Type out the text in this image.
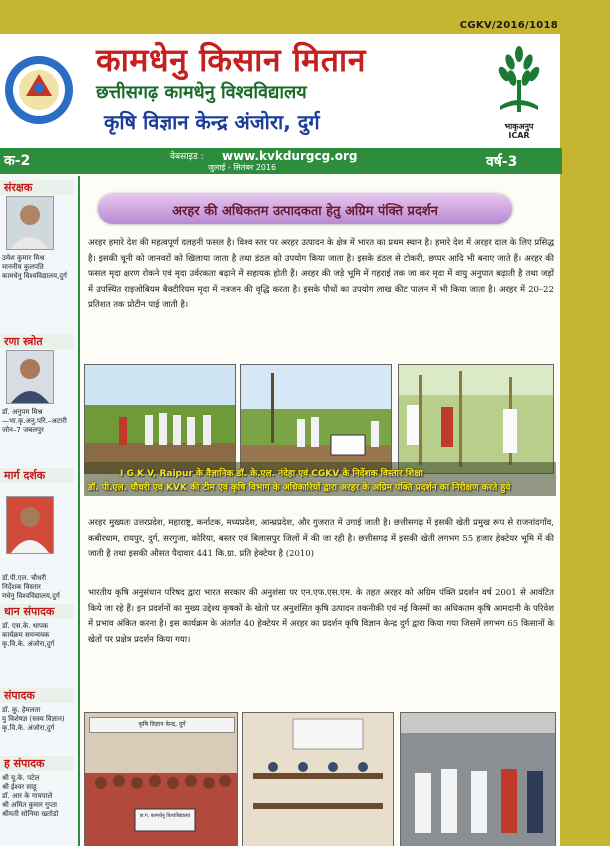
CGKV/2016/1018
कामधेनु किसान मितान
छत्तीसगढ़ कामधेनु विश्वविद्यालय
कृषि विज्ञान केन्द्र अंजोरा, दुर्ग	भाकृअनुप
ICAR
क-2	वेबसाइड : www.kvkdurgcg.org
जुलाई - सितंबर 2016	वर्ष-3
संरक्षक
उमेश कुमार मिश्र
माननीय कुलपति
कामधेनु विश्वविद्यालय,दुर्ग
रणा स्त्रोत
डॉ. अनुपम मिश्र
—भा.कृ.अनु.परि.–अटारी
जोन–7 जबलपुर
मार्ग दर्शक
डॉ.पी.एल. चौधरी
निर्देशक विस्तार
मधेनु विश्वविद्यालय,दुर्ग
धान संपादक
डॉ. एस.के. थापक
कार्यक्रम समन्वयक
कृ.वि.के. अंजोरा,दुर्ग
संपादक
डॉ. कु. हेमलता
यु विशेषज्ञ (सस्य विज्ञान)
कृ.वि.के. अंजोरा,दुर्ग
ह संपादक
श्री यू.के. पटेल
श्री ईश्वर साहू
डॉ. आर के गायपाले
श्री अमित कुमार गुप्ता
श्रीमती सोनिया खतोडो
अरहर की अधिकतम उत्पादकता हेतु अग्रिम पंक्ति प्रदर्शन
अरहर हमारे देश की महत्वपूर्ण दलहनी फसल है। विश्व स्तर पर अरहर उत्पादन के क्षेत्र में भारत का प्रथम स्थान है। हमारे देश में अरहर दाल के लिए प्रसिद्ध है। इसकी चूनी को जानवरों को खिलाया जाता है तथा डंठल को उपयोग किया जाता है। इसके डंठल से टोकरी, छप्पर आदि भी बनाए जाते हैं। अरहर की फसल मृदा क्षरण रोकने एवं मृदा उर्वरकता बढ़ाने में सहायक होती हैं। अरहर की जड़े भूमि में गहराई तक जा कर मृदा में वायु अनुपात बढ़ाती है तथा जड़ों में उपस्थित राइजोबियम बैक्टीरियम मृदा में नत्रजन की वृद्धि करता है। इसके पौधों का उपयोग लाख कीट पालन में भी किया जाता है। अरहर में 20–22 प्रतिशत तक प्रोटीन पाई जाती है।
I G K V, Raipur के वैज्ञानिक डॉ. के.एल. नंदेहा एवं CGKV के निर्देशक विस्तार शिक्षा
डॉ. पी.एल. चौधरी एवं KVK की टीम एवं कृषि विभाग के अधिकारियों द्वारा अरहर के अग्रिम पंक्ति प्रदर्शन का निरीक्षण करते हुये
अरहर मुख्यतः उत्तरप्रदेश, महाराष्ट्र, कर्नाटक, मध्यप्रदेश, आन्ध्रप्रदेश, और गुजरात में उगाई जाती है। छत्तीसगढ़ में इसकी खेती प्रमुख रूप से राजनांदगाँव, कबीरधाम, रायपुर, दुर्ग, सरगुजा, कोरिया, बस्तर एवं बिलासपुर जिलों में की जा रही है। छत्तीसगढ़ में इसकी खेती लगभग 55 हजार हेक्टेयर भूमि में की जाती है तथा इसकी औसत पैदावार 441 कि.ग्रा. प्रति हेक्टेयर है (2010)
भारतीय कृषि अनुसंधान परिषद द्वारा भारत सरकार की अनुशंसा पर एन.एफ.एस.एम. के तहत अरहर को अग्रिम पंक्ति प्रदर्शन वर्ष 2001 से आवंटित किये जा रहे हैं। इन प्रदर्शनों का मुख्य उद्देश्य कृषकों के खेतो पर अनुशंसित कृषि उत्पादन तकनीकी एवं नई किस्मों का अधिकतम कृषि आमदानी के परिवेश में प्रभाव अंकित करना है। इस कार्यक्रम के अंतर्गत 40 हेक्टेयर में अरहर का प्रदर्शन कृषि विज्ञान केन्द्र दुर्ग द्वारा किया गया जिसमें लगभग 65 किसानों के खेतों पर प्रक्षेत्र प्रदर्शन किया गया।
कृषि विज्ञान केन्द्र, दुर्ग
छ.ग. कामधेनु विश्वविद्यालय
